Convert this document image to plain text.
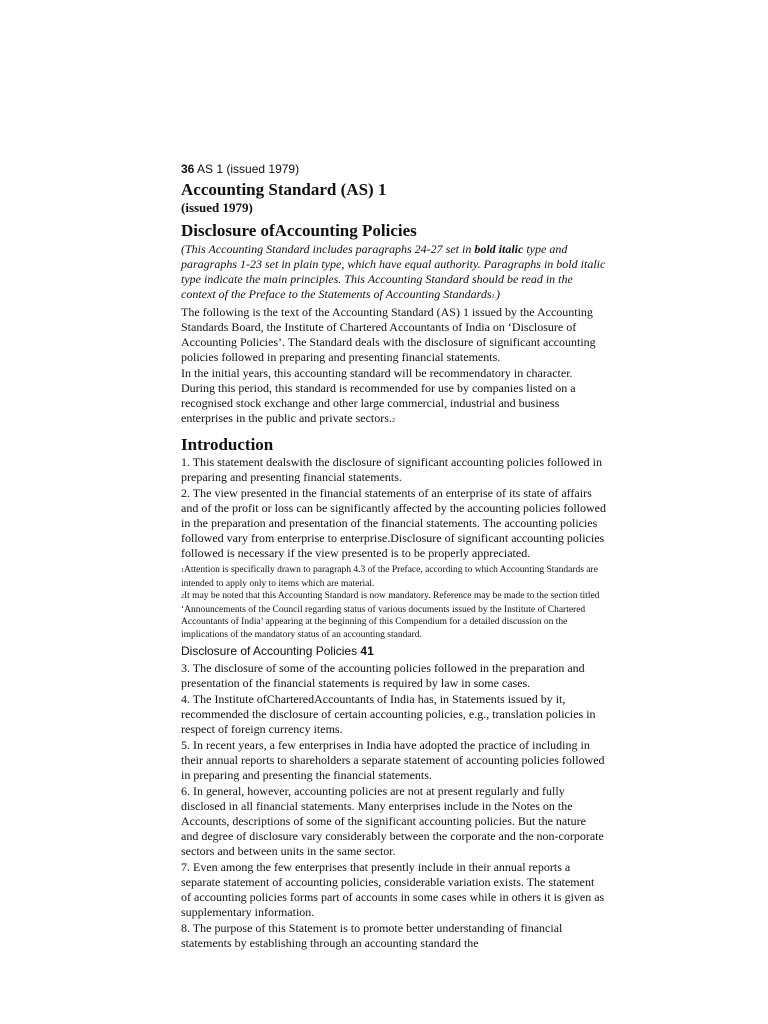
36 AS 1 (issued 1979)
Accounting Standard (AS) 1
(issued 1979)
Disclosure ofAccounting Policies
(This Accounting Standard includes paragraphs 24-27 set in bold italic type and paragraphs 1-23 set in plain type, which have equal authority. Paragraphs in bold italic type indicate the main principles. This Accounting Standard should be read in the context of the Preface to the Statements of Accounting Standards1.)
The following is the text of the Accounting Standard (AS) 1 issued by the Accounting Standards Board, the Institute of Chartered Accountants of India on ‘Disclosure of Accounting Policies’. The Standard deals with the disclosure of significant accounting policies followed in preparing and presenting financial statements.
In the initial years, this accounting standard will be recommendatory in character. During this period, this standard is recommended for use by companies listed on a recognised stock exchange and other large commercial, industrial and business enterprises in the public and private sectors.2
Introduction
1. This statement dealswith the disclosure of significant accounting policies followed in preparing and presenting financial statements.
2. The view presented in the financial statements of an enterprise of its state of affairs and of the profit or loss can be significantly affected by the accounting policies followed in the preparation and presentation of the financial statements. The accounting policies followed vary from enterprise to enterprise.Disclosure of significant accounting policies followed is necessary if the view presented is to be properly appreciated.
1Attention is specifically drawn to paragraph 4.3 of the Preface, according to which Accounting Standards are intended to apply only to items which are material.
2It may be noted that this Accounting Standard is now mandatory. Reference may be made to the section titled ‘Announcements of the Council regarding status of various documents issued by the Institute of Chartered Accountants of India’ appearing at the beginning of this Compendium for a detailed discussion on the implications of the mandatory status of an accounting standard.
Disclosure of Accounting Policies 41
3. The disclosure of some of the accounting policies followed in the preparation and presentation of the financial statements is required by law in some cases.
4. The Institute ofCharteredAccountants of India has, in Statements issued by it, recommended the disclosure of certain accounting policies, e.g., translation policies in respect of foreign currency items.
5. In recent years, a few enterprises in India have adopted the practice of including in their annual reports to shareholders a separate statement of accounting policies followed in preparing and presenting the financial statements.
6. In general, however, accounting policies are not at present regularly and fully disclosed in all financial statements. Many enterprises include in the Notes on the Accounts, descriptions of some of the significant accounting policies. But the nature and degree of disclosure vary considerably between the corporate and the non-corporate sectors and between units in the same sector.
7. Even among the few enterprises that presently include in their annual reports a separate statement of accounting policies, considerable variation exists. The statement of accounting policies forms part of accounts in some cases while in others it is given as supplementary information.
8. The purpose of this Statement is to promote better understanding of financial statements by establishing through an accounting standard the
